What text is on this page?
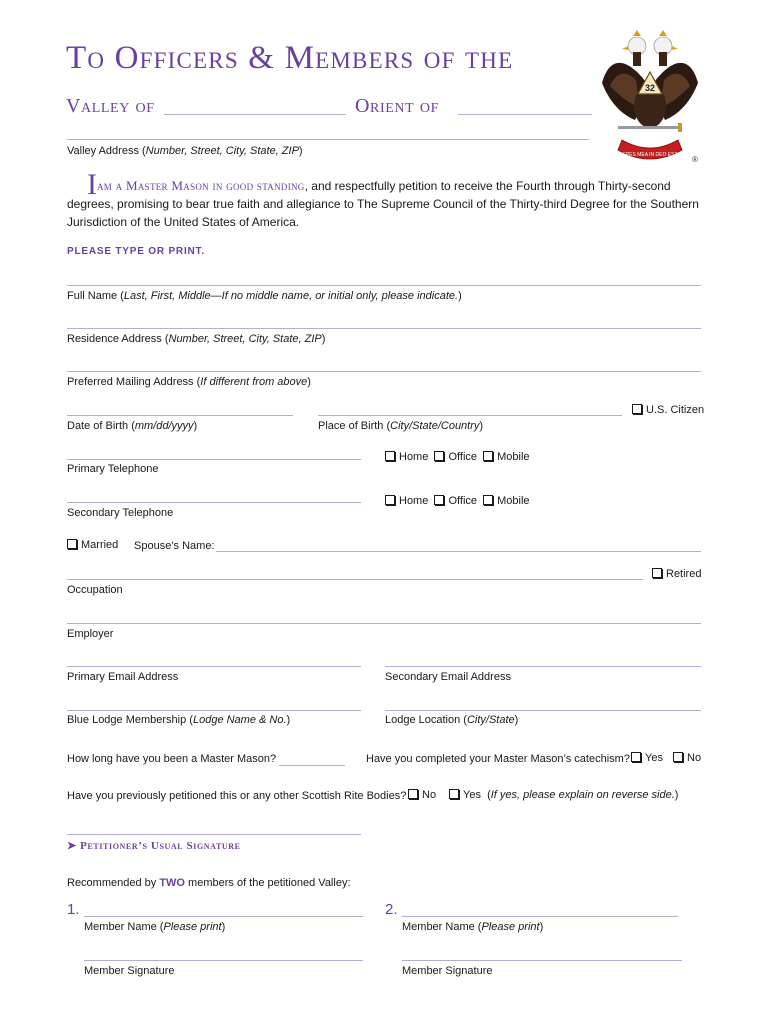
To Officers & Members of the
Valley of	Orient of
Valley Address (Number, Street, City, State, ZIP)
32
SPES MEA IN DEO EST ®
Iam a Master Mason in good standing, and respectfully petition to receive the Fourth through Thirty-second degrees, promising to bear true faith and allegiance to The Supreme Council of the Thirty-third Degree for the Southern Jurisdiction of the United States of America.
PLEASE TYPE OR PRINT.
Full Name (Last, First, Middle—If no middle name, or initial only, please indicate.)
Residence Address (Number, Street, City, State, ZIP)
Preferred Mailing Address (If different from above)
Date of Birth (mm/dd/yyyy)	Place of Birth (City/State/Country)
U.S. Citizen
Primary Telephone
Home Office Mobile
Secondary Telephone
Home Office Mobile
Married Spouse’s Name:
Retired
Occupation
Employer
Primary Email Address	Secondary Email Address
Blue Lodge Membership (Lodge Name & No.)	Lodge Location (City/State)
How long have you been a Master Mason?	Have you completed your Master Mason’s catechism?	Yes	No
Have you previously petitioned this or any other Scottish Rite Bodies?	No	Yes  (If yes, please explain on reverse side.)
➤ Petitioner’s Usual Signature
Recommended by TWO members of the petitioned Valley:
1.
Member Name (Please print)
Member Signature
2.
Member Name (Please print)
Member Signature
